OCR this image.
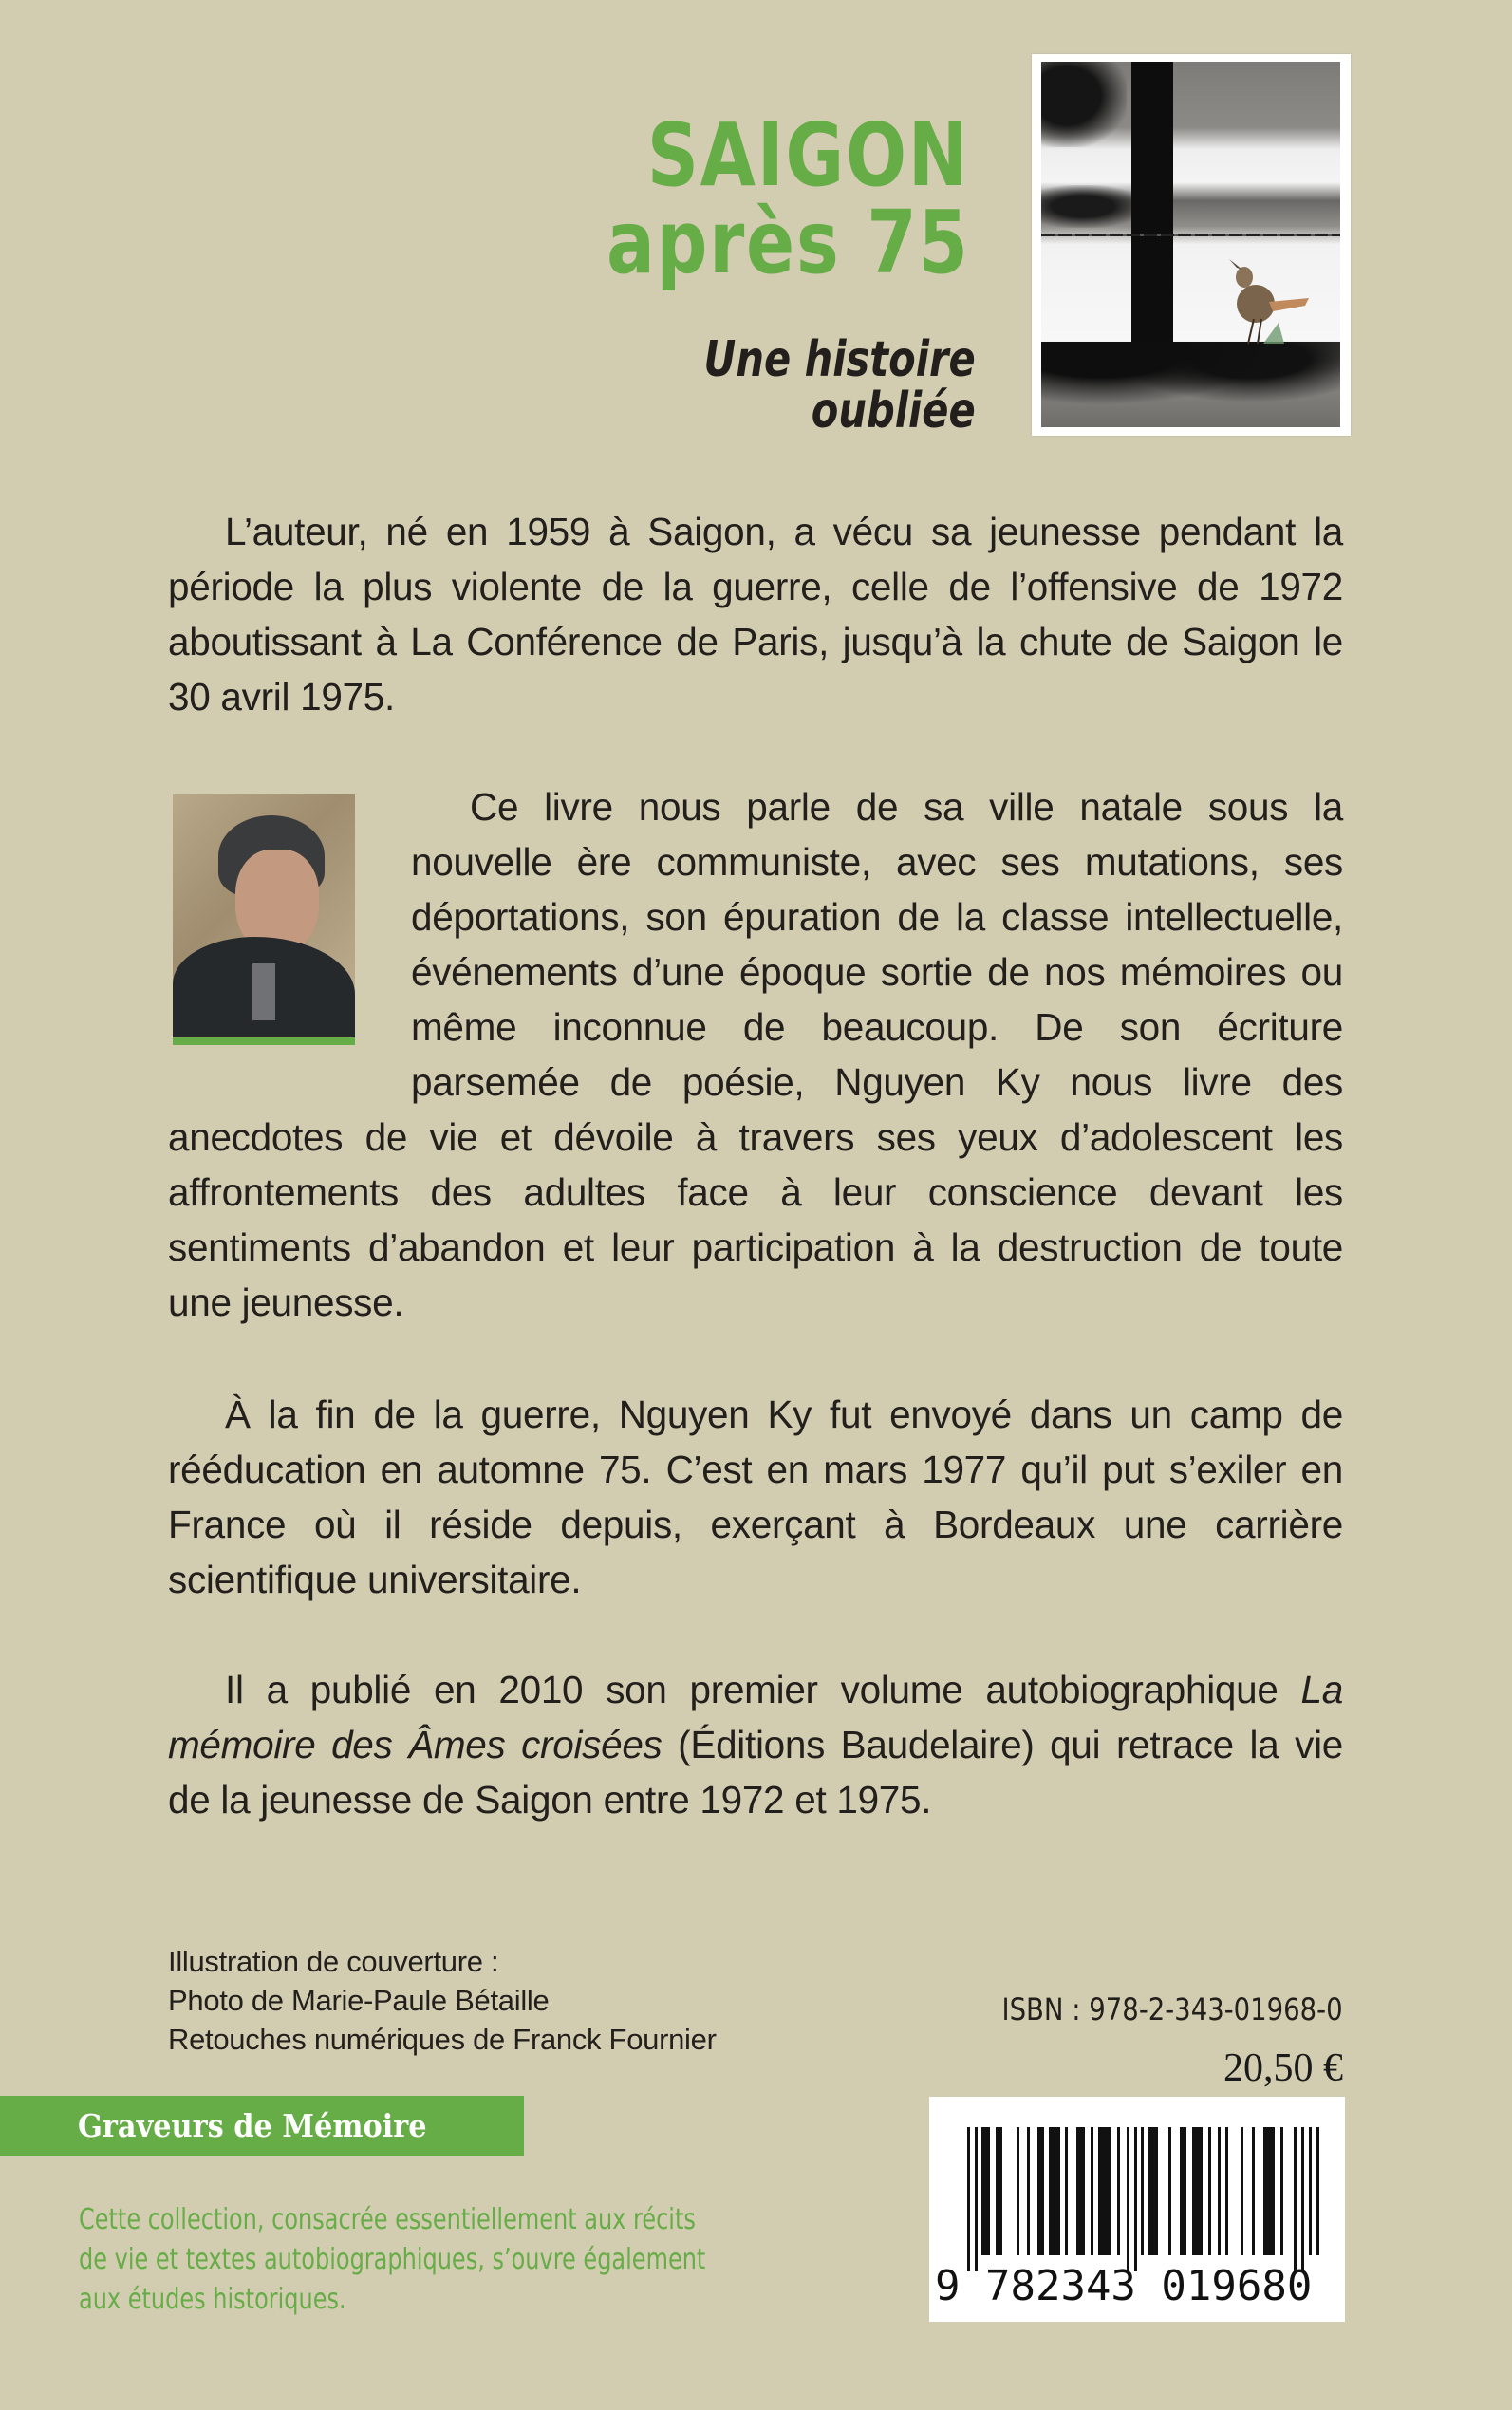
SAIGON
après 75
Une histoire
oubliée

L’auteur, né en 1959 à Saigon, a vécu sa jeunesse pendant la période la plus violente de la guerre, celle de l’offensive de 1972 aboutissant à La Conférence de Paris, jusqu’à la chute de Saigon le 30 avril 1975.

Ce livre nous parle de sa ville natale sous la nouvelle ère communiste, avec ses mutations, ses déportations, son épuration de la classe intellectuelle, événements d’une époque sortie de nos mémoires ou même inconnue de beaucoup. De son écriture parsemée de poésie, Nguyen Ky nous livre des anecdotes de vie et dévoile à travers ses yeux d’adolescent les affrontements des adultes face à leur conscience devant les sentiments d’abandon et leur participation à la destruction de toute une jeunesse.

À la fin de la guerre, Nguyen Ky fut envoyé dans un camp de rééducation en automne 75. C’est en mars 1977 qu’il put s’exiler en France où il réside depuis, exerçant à Bordeaux une carrière scientifique universitaire.

Il a publié en 2010 son premier volume autobiographique La mémoire des Âmes croisées (Éditions Baudelaire) qui retrace la vie de la jeunesse de Saigon entre 1972 et 1975.

Illustration de couverture :
Photo de Marie-Paule Bétaille
Retouches numériques de Franck Fournier
ISBN : 978-2-343-01968-0
20,50 €
9 782343 019680
Graveurs de Mémoire
Cette collection, consacrée essentiellement aux récits
de vie et textes autobiographiques, s’ouvre également
aux études historiques.
